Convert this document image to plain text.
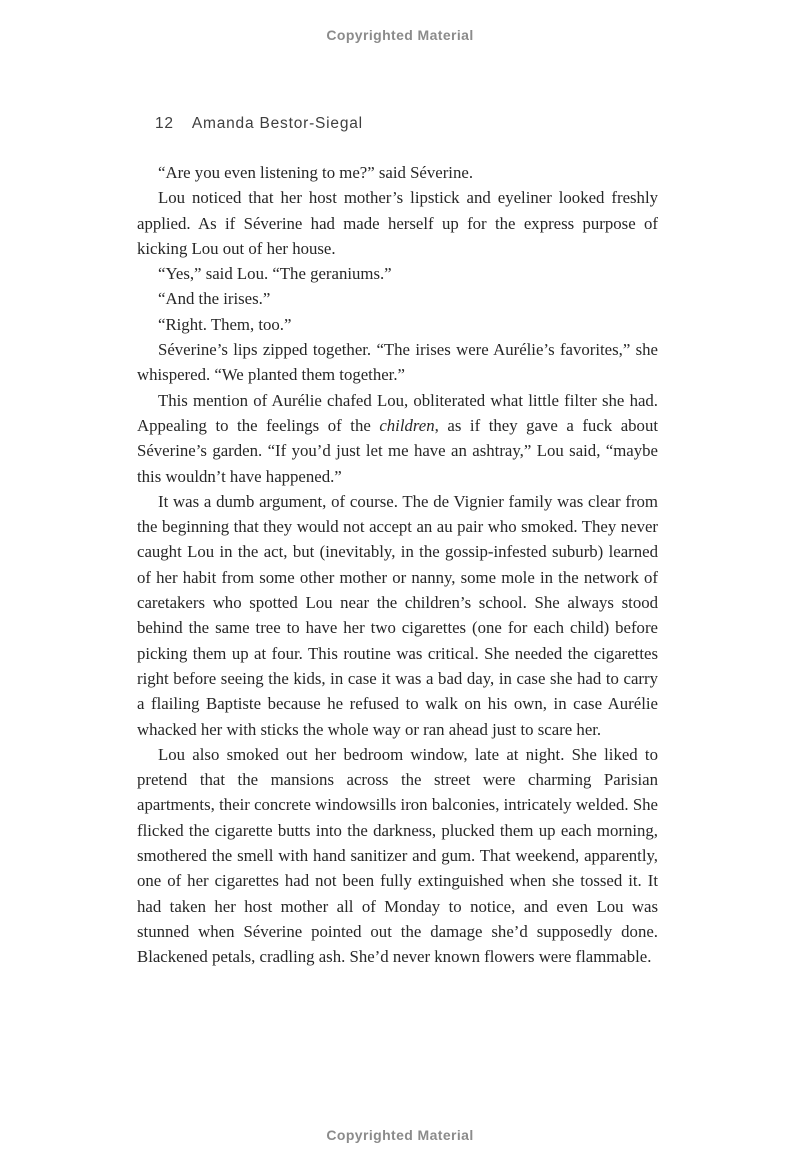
Copyrighted Material
12 Amanda Bestor-Siegal

“Are you even listening to me?” said Séverine.

Lou noticed that her host mother’s lipstick and eyeliner looked freshly applied. As if Séverine had made herself up for the express purpose of kicking Lou out of her house.

“Yes,” said Lou. “The geraniums.”

“And the irises.”

“Right. Them, too.”

Séverine’s lips zipped together. “The irises were Aurélie’s favorites,” she whispered. “We planted them together.”

This mention of Aurélie chafed Lou, obliterated what little filter she had. Appealing to the feelings of the children, as if they gave a fuck about Séverine’s garden. “If you’d just let me have an ashtray,” Lou said, “maybe this wouldn’t have happened.”

It was a dumb argument, of course. The de Vignier family was clear from the beginning that they would not accept an au pair who smoked. They never caught Lou in the act, but (inevitably, in the gossip-infested suburb) learned of her habit from some other mother or nanny, some mole in the network of caretakers who spotted Lou near the children’s school. She always stood behind the same tree to have her two cigarettes (one for each child) before picking them up at four. This routine was critical. She needed the cigarettes right before seeing the kids, in case it was a bad day, in case she had to carry a flailing Baptiste because he refused to walk on his own, in case Aurélie whacked her with sticks the whole way or ran ahead just to scare her.

Lou also smoked out her bedroom window, late at night. She liked to pretend that the mansions across the street were charming Parisian apartments, their concrete windowsills iron balconies, intricately welded. She flicked the cigarette butts into the darkness, plucked them up each morning, smothered the smell with hand sanitizer and gum. That weekend, apparently, one of her cigarettes had not been fully extinguished when she tossed it. It had taken her host mother all of Monday to notice, and even Lou was stunned when Séverine pointed out the damage she’d supposedly done. Blackened petals, cradling ash. She’d never known flowers were flammable.

Copyrighted Material
